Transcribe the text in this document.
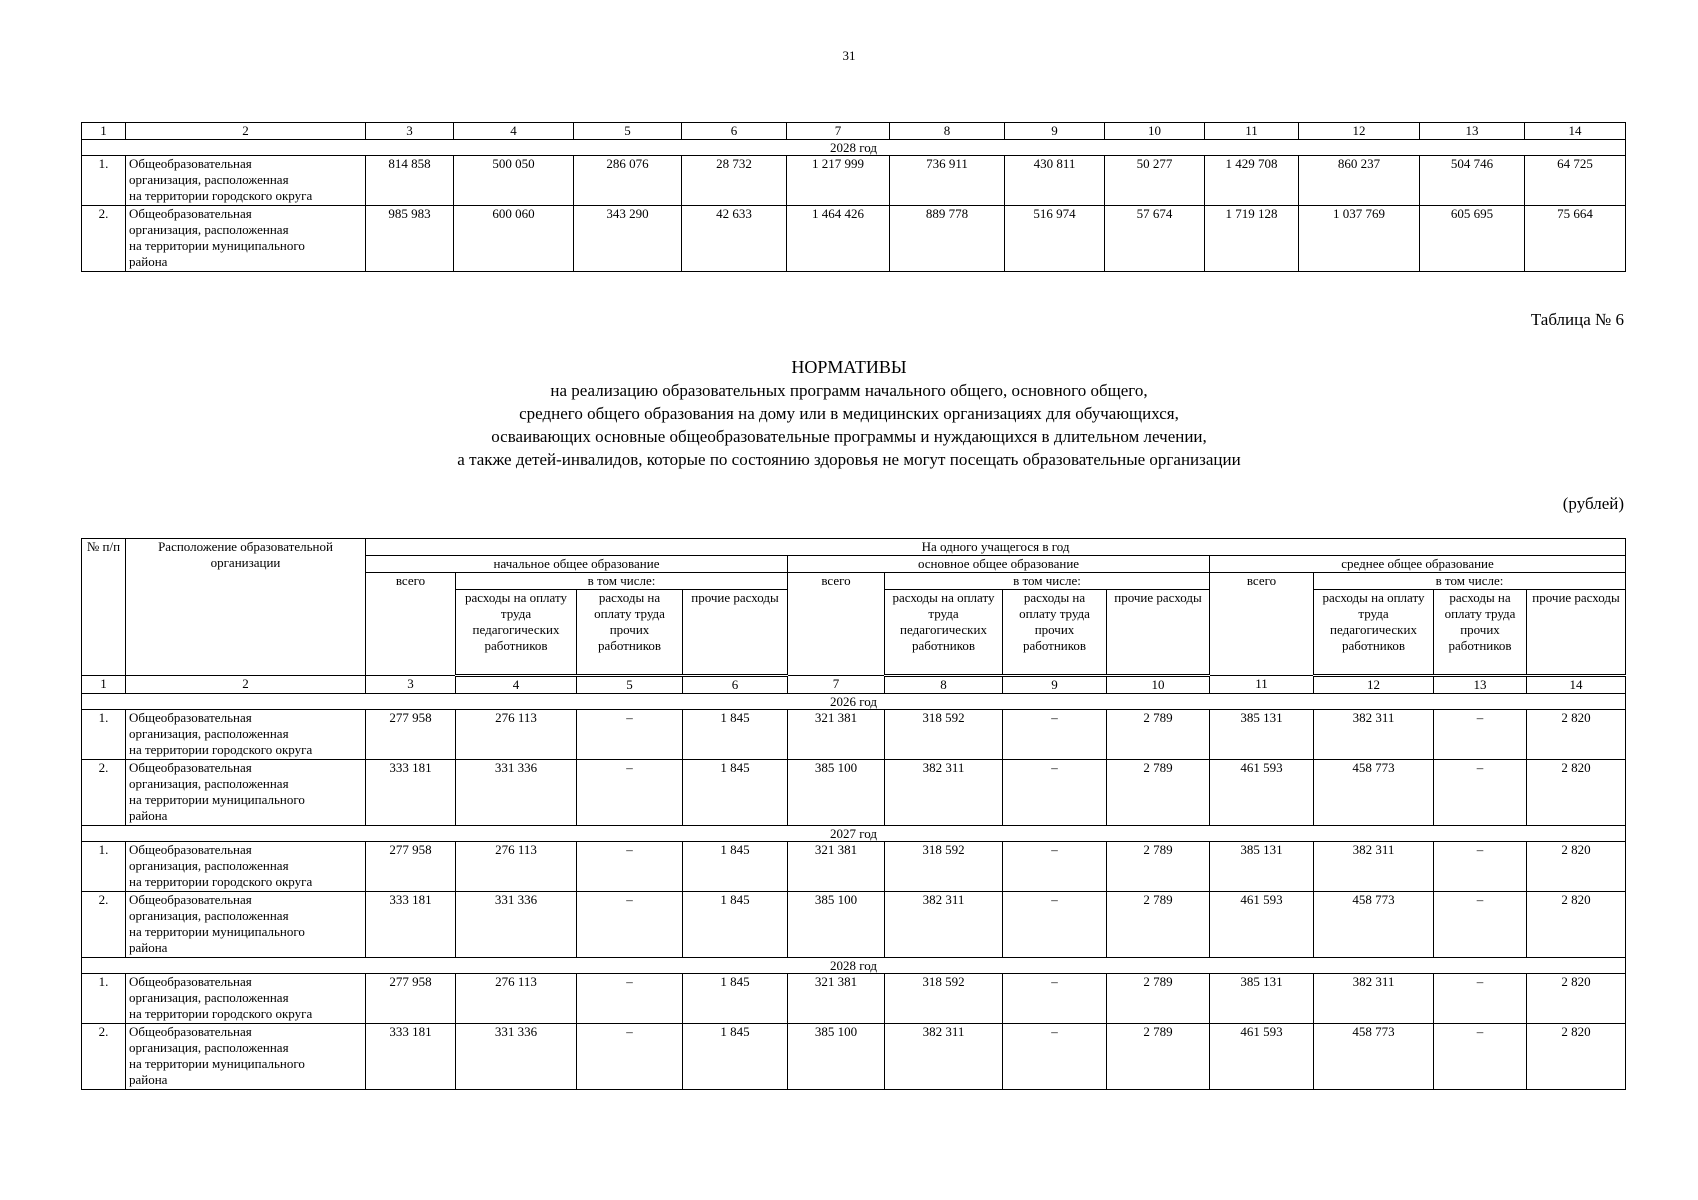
31
1	2	3	4	5	6	7	8	9	10	11	12	13	14
2028 год													
1.	Общеобразовательная
организация, расположенная
на территории городского округа	814 858	500 050	286 076	28 732	1 217 999	736 911	430 811	50 277	1 429 708	860 237	504 746	64 725
2.	Общеобразовательная
организация, расположенная
на территории муниципального
района	985 983	600 060	343 290	42 633	1 464 426	889 778	516 974	57 674	1 719 128	1 037 769	605 695	75 664
Таблица № 6
НОРМАТИВЫ
на реализацию образовательных программ начального общего, основного общего,
среднего общего образования на дому или в медицинских организациях для обучающихся,
осваивающих основные общеобразовательные программы и нуждающихся в длительном лечении,
а также детей-инвалидов, которые по состоянию здоровья не могут посещать образовательные организации
(рублей)
№ п/п	Расположение образовательной организации	На одного учащегося в год											
		начальное общее образование				основное общее образование				среднее общее образование			
		всего	в том числе:			всего	в том числе:			всего	в том числе:		
			расходы на оплату труда педагогических работников	расходы на оплату труда прочих работников	прочие расходы		расходы на оплату труда педагогических работников	расходы на оплату труда прочих работников	прочие расходы		расходы на оплату труда педагогических работников	расходы на оплату труда прочих работников	прочие расходы
1	2	3	4	5	6	7	8	9	10	11	12	13	14
2026 год													
1.	Общеобразовательная
организация, расположенная
на территории городского округа	277 958	276 113	–	1 845	321 381	318 592	–	2 789	385 131	382 311	–	2 820
2.	Общеобразовательная
организация, расположенная
на территории муниципального
района	333 181	331 336	–	1 845	385 100	382 311	–	2 789	461 593	458 773	–	2 820
2027 год													
1.	Общеобразовательная
организация, расположенная
на территории городского округа	277 958	276 113	–	1 845	321 381	318 592	–	2 789	385 131	382 311	–	2 820
2.	Общеобразовательная
организация, расположенная
на территории муниципального
района	333 181	331 336	–	1 845	385 100	382 311	–	2 789	461 593	458 773	–	2 820
2028 год													
1.	Общеобразовательная
организация, расположенная
на территории городского округа	277 958	276 113	–	1 845	321 381	318 592	–	2 789	385 131	382 311	–	2 820
2.	Общеобразовательная
организация, расположенная
на территории муниципального
района	333 181	331 336	–	1 845	385 100	382 311	–	2 789	461 593	458 773	–	2 820
